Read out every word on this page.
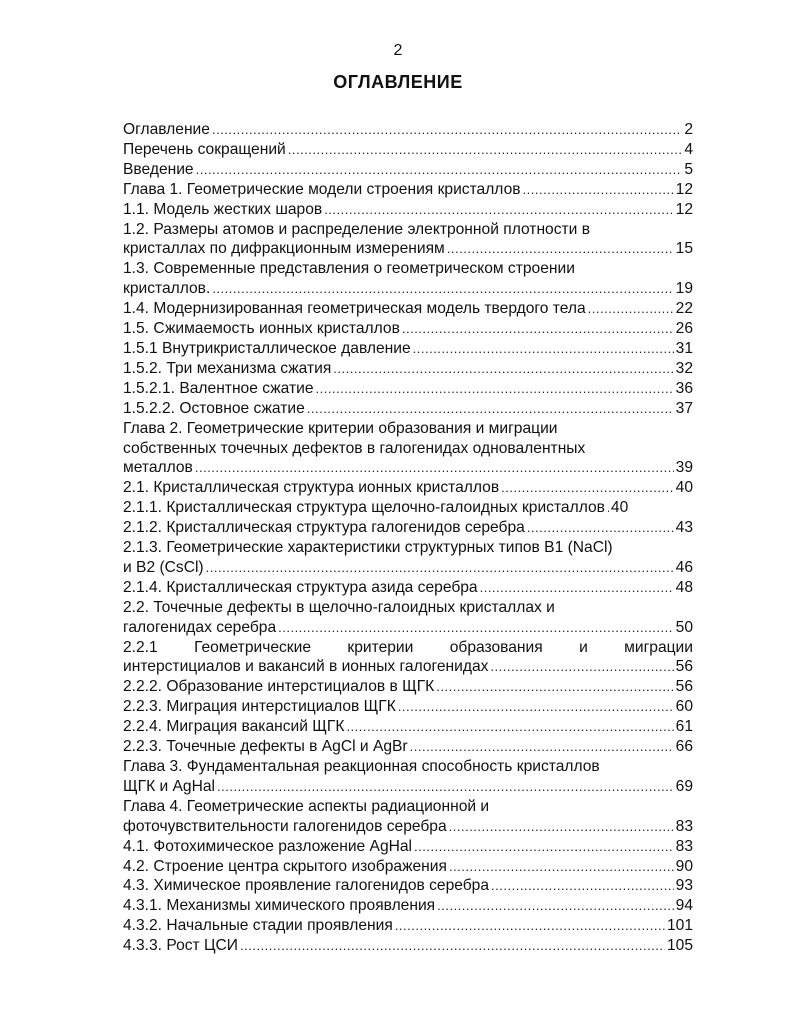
2
ОГЛАВЛЕНИЕ
Оглавление .....	2
Перечень сокращений .....	4
Введение .....	5
Глава 1. Геометрические модели строения кристаллов .....	12
1.1. Модель жестких шаров .....	12
1.2. Размеры атомов и распределение электронной плотности в
кристаллах по дифракционным измерениям .....	15
1.3. Современные представления о геометрическом строении
кристаллов. .....	19
1.4. Модернизированная геометрическая модель твердого тела .....	22
1.5. Сжимаемость ионных кристаллов .....	26
1.5.1 Внутрикристаллическое давление .....	31
1.5.2. Три механизма сжатия .....	32
1.5.2.1. Валентное сжатие .....	36
1.5.2.2. Остовное сжатие .....	37
Глава 2. Геометрические критерии образования и миграции
собственных точечных дефектов в галогенидах одновалентных
металлов .....	39
2.1. Кристаллическая структура ионных кристаллов .....	40
2.1.1. Кристаллическая структура щелочно-галоидных кристаллов ..... 40
2.1.2. Кристаллическая структура галогенидов серебра .....	43
2.1.3. Геометрические характеристики структурных типов В1 (NaCl)
и В2 (CsCl) .....	46
2.1.4. Кристаллическая структура азида серебра .....	48
2.2. Точечные дефекты в щелочно-галоидных кристаллах и
галогенидах серебра .....	50
2.2.1 Геометрические критерии образования и миграции
интерстициалов и вакансий в ионных галогенидах .....	56
2.2.2. Образование интерстициалов в ЩГК .....	56
2.2.3. Миграция интерстициалов ЩГК .....	60
2.2.4. Миграция вакансий ЩГК .....	61
2.2.3. Точечные дефекты в AgCl и AgBr .....	66
Глава 3. Фундаментальная реакционная способность кристаллов
ЩГК и AgHal .....	69
Глава 4. Геометрические аспекты радиационной и
фоточувствительности галогенидов серебра .....	83
4.1. Фотохимическое разложение AgHal .....	83
4.2. Строение центра скрытого изображения .....	90
4.3. Химическое проявление галогенидов серебра .....	93
4.3.1. Механизмы химического проявления .....	94
4.3.2. Начальные стадии проявления .....	101
4.3.3. Рост ЦСИ .....	105
